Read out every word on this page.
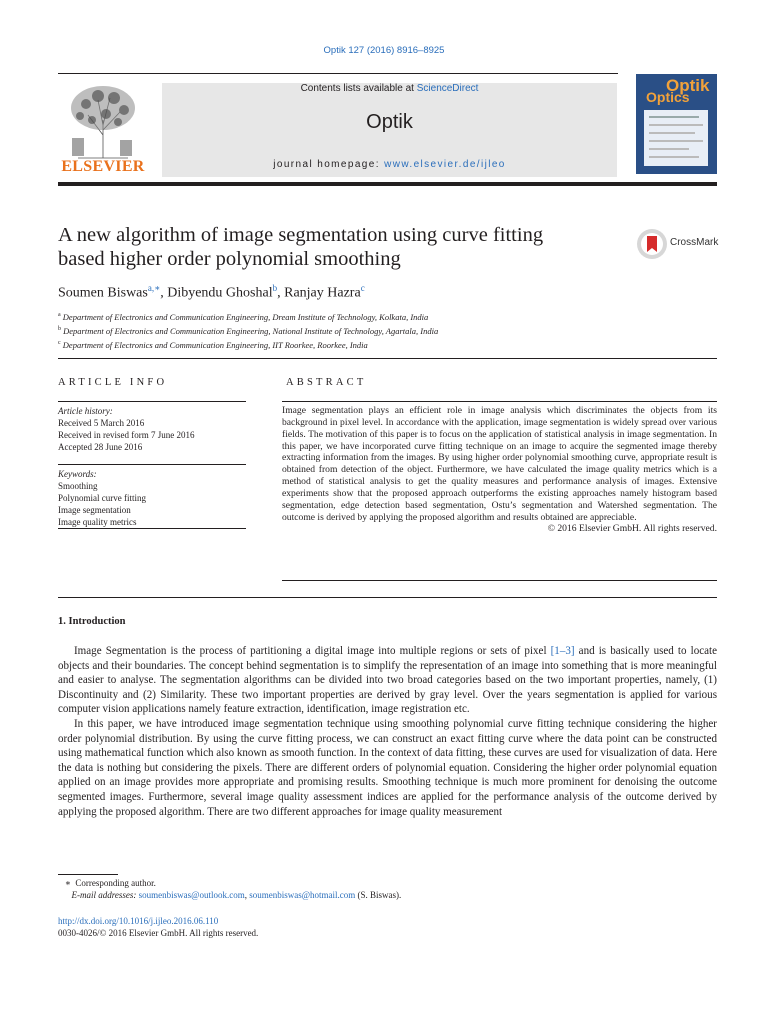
Optik 127 (2016) 8916–8925
ELSEVIER
Contents lists available at ScienceDirect
Optik
journal homepage: www.elsevier.de/ijleo
Optik
Optics
A new algorithm of image segmentation using curve fitting
based higher order polynomial smoothing
CrossMark
Soumen Biswas$^{a,∗}$, Dibyendu Ghoshal$^b$, Ranjay Hazra$^c$
$^a$ Department of Electronics and Communication Engineering, Dream Institute of Technology, Kolkata, India
$^b$ Department of Electronics and Communication Engineering, National Institute of Technology, Agartala, India
$^c$ Department of Electronics and Communication Engineering, IIT Roorkee, Roorkee, India
ARTICLE INFO
Article history:
Received 5 March 2016
Received in revised form 7 June 2016
Accepted 28 June 2016
Keywords:
Smoothing
Polynomial curve fitting
Image segmentation
Image quality metrics
ABSTRACT

Image segmentation plays an efficient role in image analysis which discriminates the objects from its background in pixel level. In accordance with the application, image segmentation is widely spread over various fields. The motivation of this paper is to focus on the application of statistical analysis in image segmentation. In this paper, we have incorporated curve fitting technique on an image to acquire the segmented image thereby extracting information from the images. By using higher order polynomial smoothing curve, appropriate result is obtained from detection of the object. Furthermore, we have calculated the image quality metrics which is a method of statistical analysis to get the quality measures and performance analysis of images. Extensive experiments show that the proposed approach outperforms the existing approaches namely histogram based segmentation, edge detection based segmentation, Ostu’s segmentation and Watershed segmentation. The outcome is derived by applying the proposed algorithm and results obtained are appreciable.

© 2016 Elsevier GmbH. All rights reserved.

1. Introduction

Image Segmentation is the process of partitioning a digital image into multiple regions or sets of pixel [1–3] and is basically used to locate objects and their boundaries. The concept behind segmentation is to simplify the representation of an image into something that is more meaningful and easier to analyse. The segmentation algorithms can be divided into two broad categories based on the two important properties, namely, (1) Discontinuity and (2) Similarity. These two important properties are derived by gray level. Over the years segmentation is applied for various computer vision applications namely feature extraction, identification, image registration etc.

In this paper, we have introduced image segmentation technique using smoothing polynomial curve fitting technique considering the higher order polynomial distribution. By using the curve fitting process, we can construct an exact fitting curve where the data point can be constructed using mathematical function which also known as smooth function. In the context of data fitting, these curves are used for visualization of data. Here the data is nothing but considering the pixels. There are different orders of polynomial equation. Considering the higher order polynomial equation applied on an image provides more appropriate and promising results. Smoothing technique is much more prominent for denoising the outcome segmented images. Furthermore, several image quality assessment indices are applied for the performance analysis of the outcome derived by applying the proposed algorithm. There are two different approaches for image quality measurement

∗ Corresponding author.
E-mail addresses: soumenbiswas@outlook.com, soumenbiswas@hotmail.com (S. Biswas).
http://dx.doi.org/10.1016/j.ijleo.2016.06.110
0030-4026/© 2016 Elsevier GmbH. All rights reserved.
